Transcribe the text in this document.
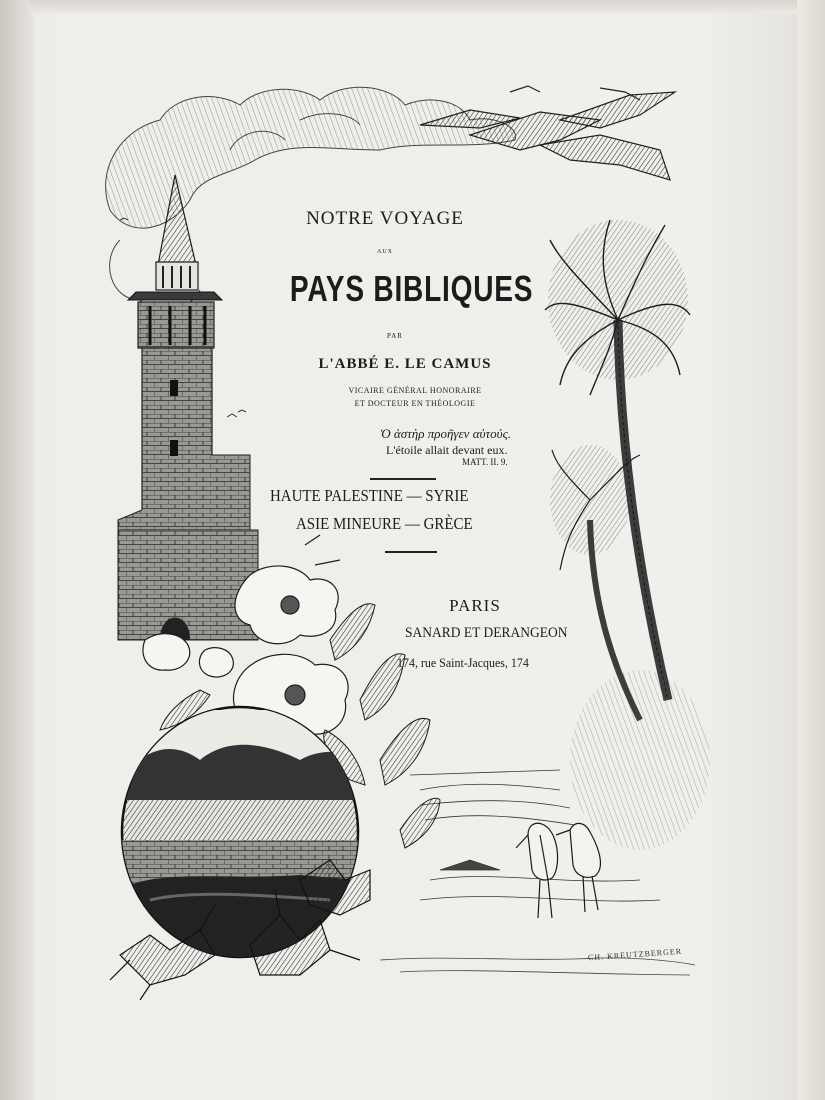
NOTRE VOYAGE
AUX
PAYS BIBLIQUES
PAR
L'ABBÉ E. LE CAMUS
VICAIRE GÉNÉRAL HONORAIRE
ET DOCTEUR EN THÉOLOGIE
Ὁ ἀστὴρ προῆγεν αὐτούς.
L'étoile allait devant eux.
MATT. II. 9.
HAUTE PALESTINE — SYRIE
ASIE MINEURE — GRÈCE
PARIS
SANARD ET DERANGEON
174, rue Saint-Jacques, 174
CH. KREUTZBERGER
